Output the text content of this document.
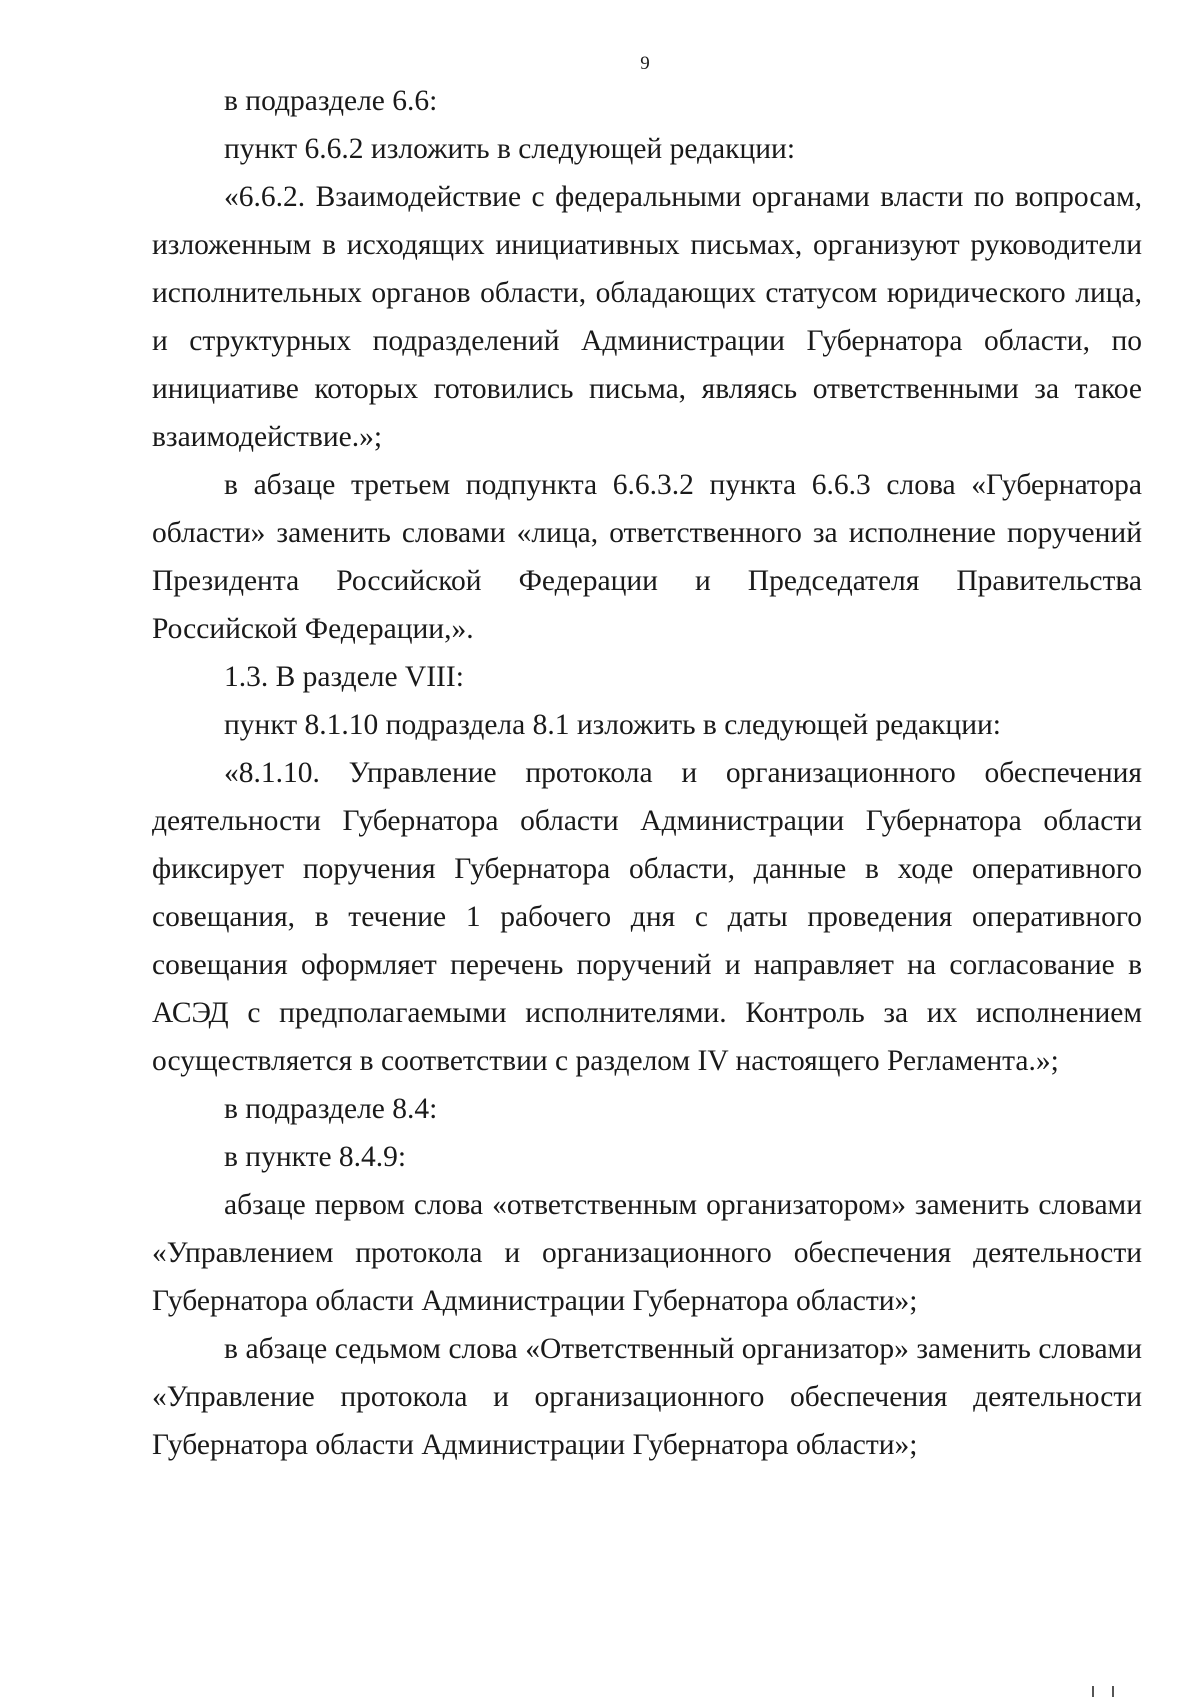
9

в подразделе 6.6:

пункт 6.6.2 изложить в следующей редакции:

«6.6.2. Взаимодействие с федеральными органами власти по вопросам, изложенным в исходящих инициативных письмах, организуют руководители исполнительных органов области, обладающих статусом юридического лица, и структурных подразделений Администрации Губернатора области, по инициативе которых готовились письма, являясь ответственными за такое взаимодействие.»;

в абзаце третьем подпункта 6.6.3.2 пункта 6.6.3 слова «Губернатора области» заменить словами «лица, ответственного за исполнение поручений Президента Российской Федерации и Председателя Правительства Российской Федерации,».

1.3. В разделе VIII:

пункт 8.1.10 подраздела 8.1 изложить в следующей редакции:

«8.1.10. Управление протокола и организационного обеспечения деятельности Губернатора области Администрации Губернатора области фиксирует поручения Губернатора области, данные в ходе оперативного совещания, в течение 1 рабочего дня с даты проведения оперативного совещания оформляет перечень поручений и направляет на согласование в АСЭД с предполагаемыми исполнителями. Контроль за их исполнением осуществляется в соответствии с разделом IV настоящего Регламента.»;

в подразделе 8.4:

в пункте 8.4.9:

абзаце первом слова «ответственным организатором» заменить словами «Управлением протокола и организационного обеспечения деятельности Губернатора области Администрации Губернатора области»;

в абзаце седьмом слова «Ответственный организатор» заменить словами «Управление протокола и организационного обеспечения деятельности Губернатора области Администрации Губернатора области»;
